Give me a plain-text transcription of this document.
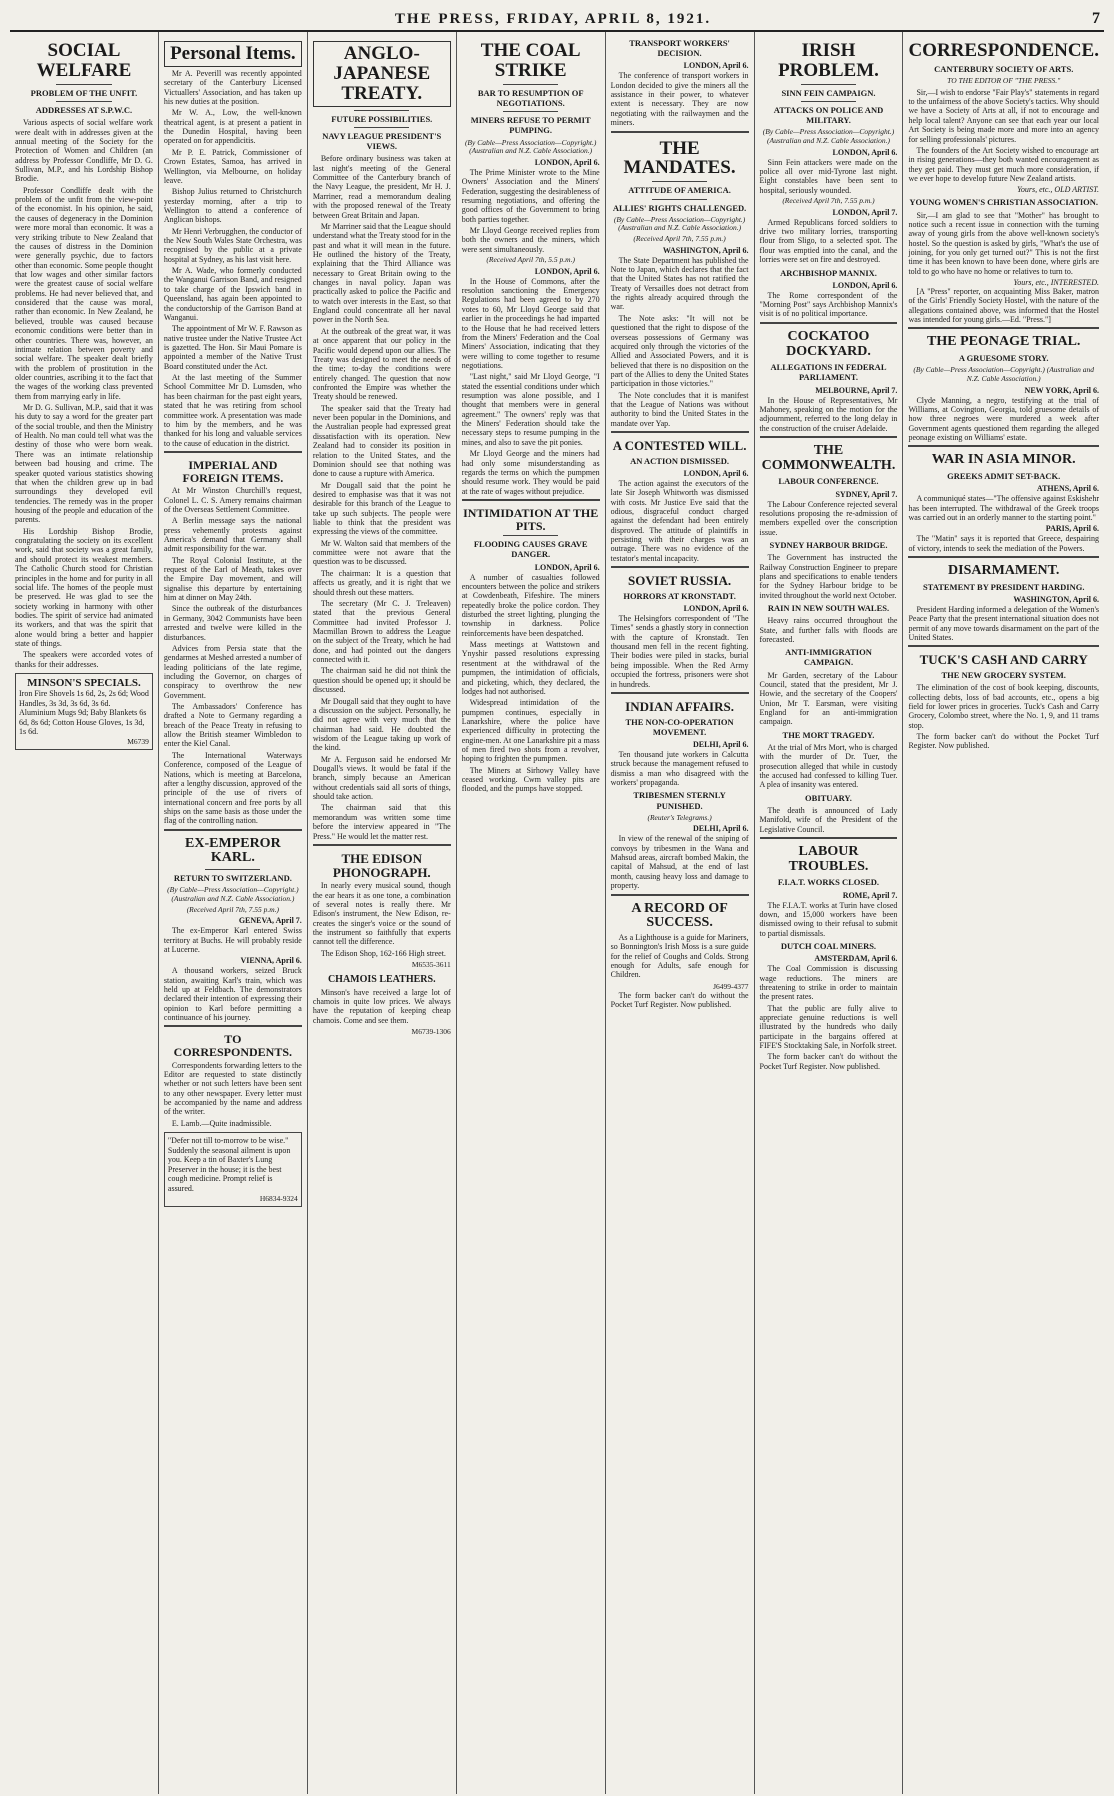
THE PRESS, FRIDAY, APRIL 8, 1921.	7
SOCIAL WELFARE
PROBLEM OF THE UNFIT.
ADDRESSES AT S.P.W.C.

Various aspects of social welfare work were dealt with in addresses given at the annual meeting of the Society for the Protection of Women and Children (an address by Professor Condliffe, Mr D. G. Sullivan, M.P., and his Lordship Bishop Brodie.

Professor Condliffe dealt with the problem of the unfit from the view-point of the economist. In his opinion, he said, the causes of degeneracy in the Dominion were more moral than economic. It was a very striking tribute to New Zealand that the causes of distress in the Dominion were generally psychic, due to factors other than economic. Some people thought that low wages and other similar factors were the greatest cause of social welfare problems. He had never believed that, and considered that the cause was moral, rather than economic. In New Zealand, he believed, trouble was caused because economic conditions were better than in other countries. There was, however, an intimate relation between poverty and social welfare. The speaker dealt briefly with the problem of prostitution in the older countries, ascribing it to the fact that the wages of the working class prevented them from marrying early in life.

Mr D. G. Sullivan, M.P., said that it was his duty to say a word for the greater part of the social trouble, and then the Ministry of Health. No man could tell what was the destiny of those who were born weak. There was an intimate relationship between bad housing and crime. The speaker quoted various statistics showing that when the children grew up in bad surroundings they developed evil tendencies. The remedy was in the proper housing of the people and education of the parents.

His Lordship Bishop Brodie, congratulating the society on its excellent work, said that society was a great family, and should protect its weakest members. The Catholic Church stood for Christian principles in the home and for purity in all social life. The homes of the people must be preserved. He was glad to see the society working in harmony with other bodies. The spirit of service had animated its workers, and that was the spirit that alone would bring a better and happier state of things.

The speakers were accorded votes of thanks for their addresses.

MINSON'S SPECIALS.
Iron Fire Shovels 1s 6d, 2s, 2s 6d; Wood Handles, 3s 3d, 3s 6d, 3s 6d. Aluminium Mugs 9d; Baby Blankets 6s 6d, 8s 6d; Cotton House Gloves, 1s 3d, 1s 6d.
M6739
Personal Items.

Mr A. Peverill was recently appointed secretary of the Canterbury Licensed Victuallers' Association, and has taken up his new duties at the position.

Mr W. A., Low, the well-known theatrical agent, is at present a patient in the Dunedin Hospital, having been operated on for appendicitis.

Mr P. E. Patrick, Commissioner of Crown Estates, Samoa, has arrived in Wellington, via Melbourne, on holiday leave.

Bishop Julius returned to Christchurch yesterday morning, after a trip to Wellington to attend a conference of Anglican bishops.

Mr Henri Verbrugghen, the conductor of the New South Wales State Orchestra, was recognised by the public at a private hospital at Sydney, as his last visit here.

Mr A. Wade, who formerly conducted the Wanganui Garrison Band, and resigned to take charge of the Ipswich band in Queensland, has again been appointed to the conductorship of the Garrison Band at Wanganui.

The appointment of Mr W. F. Rawson as native trustee under the Native Trustee Act is gazetted. The Hon. Sir Maui Pomare is appointed a member of the Native Trust Board constituted under the Act.

At the last meeting of the Summer School Committee Mr D. Lumsden, who has been chairman for the past eight years, stated that he was retiring from school committee work. A presentation was made to him by the members, and he was thanked for his long and valuable services to the cause of education in the district.

IMPERIAL AND FOREIGN ITEMS.

At Mr Winston Churchill's request, Colonel L. C. S. Amery remains chairman of the Overseas Settlement Committee.

A Berlin message says the national press vehemently protests against America's demand that Germany shall admit responsibility for the war.

The Royal Colonial Institute, at the request of the Earl of Meath, takes over the Empire Day movement, and will signalise this departure by entertaining him at dinner on May 24th.

Since the outbreak of the disturbances in Germany, 3042 Communists have been arrested and twelve were killed in the disturbances.

Advices from Persia state that the gendarmes at Meshed arrested a number of leading politicians of the late regime, including the Governor, on charges of conspiracy to overthrow the new Government.

The Ambassadors' Conference has drafted a Note to Germany regarding a breach of the Peace Treaty in refusing to allow the British steamer Wimbledon to enter the Kiel Canal.

The International Waterways Conference, composed of the League of Nations, which is meeting at Barcelona, after a lengthy discussion, approved of the principle of the use of rivers of international concern and free ports by all ships on the same basis as those under the flag of the controlling nation.

EX-EMPEROR KARL.
RETURN TO SWITZERLAND.
(By Cable—Press Association—Copyright.) (Australian and N.Z. Cable Association.)
(Received April 7th, 7.55 p.m.)
GENEVA, April 7.

The ex-Emperor Karl entered Swiss territory at Buchs. He will probably reside at Lucerne.

VIENNA, April 6.

A thousand workers, seized Bruck station, awaiting Karl's train, which was held up at Feldbach. The demonstrators declared their intention of expressing their opinion to Karl before permitting a continuance of his journey.

TO CORRESPONDENTS.

Correspondents forwarding letters to the Editor are requested to state distinctly whether or not such letters have been sent to any other newspaper. Every letter must be accompanied by the name and address of the writer.

E. Lamb.—Quite inadmissible.

"Defer not till to-morrow to be wise." Suddenly the seasonal ailment is upon you. Keep a tin of Baxter's Lung Preserver in the house; it is the best cough medicine. Prompt relief is assured.
H6834-9324
ANGLO-JAPANESE TREATY.
FUTURE POSSIBILITIES.
NAVY LEAGUE PRESIDENT'S VIEWS.

Before ordinary business was taken at last night's meeting of the General Committee of the Canterbury branch of the Navy League, the president, Mr H. J. Marriner, read a memorandum dealing with the proposed renewal of the Treaty between Great Britain and Japan.

Mr Marriner said that the League should understand what the Treaty stood for in the past and what it will mean in the future. He outlined the history of the Treaty, explaining that the Third Alliance was necessary to Great Britain owing to the changes in naval policy. Japan was practically asked to police the Pacific and to watch over interests in the East, so that England could concentrate all her naval power in the North Sea.

At the outbreak of the great war, it was at once apparent that our policy in the Pacific would depend upon our allies. The Treaty was designed to meet the needs of the time; to-day the conditions were entirely changed. The question that now confronted the Empire was whether the Treaty should be renewed.

The speaker said that the Treaty had never been popular in the Dominions, and the Australian people had expressed great dissatisfaction with its operation. New Zealand had to consider its position in relation to the United States, and the Dominion should see that nothing was done to cause a rupture with America.

Mr Dougall said that the point he desired to emphasise was that it was not desirable for this branch of the League to take up such subjects. The people were liable to think that the president was expressing the views of the committee.

Mr W. Walton said that members of the committee were not aware that the question was to be discussed.

The chairman: It is a question that affects us greatly, and it is right that we should thresh out these matters.

The secretary (Mr C. J. Treleaven) stated that the previous General Committee had invited Professor J. Macmillan Brown to address the League on the subject of the Treaty, which he had done, and had pointed out the dangers connected with it.

The chairman said he did not think the question should be opened up; it should be discussed.

Mr Dougall said that they ought to have a discussion on the subject. Personally, he did not agree with very much that the chairman had said. He doubted the wisdom of the League taking up work of the kind.

Mr A. Ferguson said he endorsed Mr Dougall's views. It would be fatal if the branch, simply because an American without credentials said all sorts of things, should take action.

The chairman said that this memorandum was written some time before the interview appeared in "The Press." He would let the matter rest.

THE EDISON PHONOGRAPH.

In nearly every musical sound, though the ear hears it as one tone, a combination of several notes is really there. Mr Edison's instrument, the New Edison, re-creates the singer's voice or the sound of the instrument so faithfully that experts cannot tell the difference.

The Edison Shop, 162-166 High street.

M6535-3611
CHAMOIS LEATHERS.

Minson's have received a large lot of chamois in quite low prices. We always have the reputation of keeping cheap chamois. Come and see them.

M6739-1306
THE COAL STRIKE
BAR TO RESUMPTION OF NEGOTIATIONS.
MINERS REFUSE TO PERMIT PUMPING.
(By Cable—Press Association—Copyright.) (Australian and N.Z. Cable Association.)
LONDON, April 6.

The Prime Minister wrote to the Mine Owners' Association and the Miners' Federation, suggesting the desirableness of resuming negotiations, and offering the good offices of the Government to bring both parties together.

Mr Lloyd George received replies from both the owners and the miners, which were sent simultaneously.

(Received April 7th, 5.5 p.m.)
LONDON, April 6.

In the House of Commons, after the resolution sanctioning the Emergency Regulations had been agreed to by 270 votes to 60, Mr Lloyd George said that earlier in the proceedings he had imparted to the House that he had received letters from the Miners' Federation and the Coal Miners' Association, indicating that they were willing to come together to resume negotiations.

"Last night," said Mr Lloyd George, "I stated the essential conditions under which resumption was alone possible, and I thought that members were in general agreement." The owners' reply was that the Miners' Federation should take the necessary steps to resume pumping in the mines, and also to save the pit ponies.

Mr Lloyd George and the miners had had only some misunderstanding as regards the terms on which the pumpmen should resume work. They would be paid at the rate of wages without prejudice.

INTIMIDATION AT THE PITS.
FLOODING CAUSES GRAVE DANGER.
LONDON, April 6.

A number of casualties followed encounters between the police and strikers at Cowdenbeath, Fifeshire. The miners repeatedly broke the police cordon. They disturbed the street lighting, plunging the township in darkness. Police reinforcements have been despatched.

Mass meetings at Wattstown and Ynyshir passed resolutions expressing resentment at the withdrawal of the pumpmen, the intimidation of officials, and picketing, which, they declared, the lodges had not authorised.

Widespread intimidation of the pumpmen continues, especially in Lanarkshire, where the police have experienced difficulty in protecting the engine-men. At one Lanarkshire pit a mass of men fired two shots from a revolver, hoping to frighten the pumpmen.

The Miners at Sirhowy Valley have ceased working. Cwm valley pits are flooded, and the pumps have stopped.

TRANSPORT WORKERS' DECISION.
LONDON, April 6.

The conference of transport workers in London decided to give the miners all the assistance in their power, to whatever extent is necessary. They are now negotiating with the railwaymen and the miners.

THE MANDATES.
ATTITUDE OF AMERICA.
ALLIES' RIGHTS CHALLENGED.
(By Cable—Press Association—Copyright.) (Australian and N.Z. Cable Association.)
(Received April 7th, 7.55 p.m.)
WASHINGTON, April 6.

The State Department has published the Note to Japan, which declares that the fact that the United States has not ratified the Treaty of Versailles does not detract from the rights already acquired through the war.

The Note asks: "It will not be questioned that the right to dispose of the overseas possessions of Germany was acquired only through the victories of the Allied and Associated Powers, and it is believed that there is no disposition on the part of the Allies to deny the United States participation in those victories."

The Note concludes that it is manifest that the League of Nations was without authority to bind the United States in the mandate over Yap.

A CONTESTED WILL.
AN ACTION DISMISSED.
LONDON, April 6.

The action against the executors of the late Sir Joseph Whitworth was dismissed with costs. Mr Justice Eve said that the odious, disgraceful conduct charged against the defendant had been entirely disproved. The attitude of plaintiffs in persisting with their charges was an outrage. There was no evidence of the testator's mental incapacity.

SOVIET RUSSIA.
HORRORS AT KRONSTADT.
LONDON, April 6.

The Helsingfors correspondent of "The Times" sends a ghastly story in connection with the capture of Kronstadt. Ten thousand men fell in the recent fighting. Their bodies were piled in stacks, burial being impossible. When the Red Army occupied the fortress, prisoners were shot in hundreds.

INDIAN AFFAIRS.
THE NON-CO-OPERATION MOVEMENT.
DELHI, April 6.

Ten thousand jute workers in Calcutta struck because the management refused to dismiss a man who disagreed with the workers' propaganda.

TRIBESMEN STERNLY PUNISHED.
(Reuter's Telegrams.)
DELHI, April 6.

In view of the renewal of the sniping of convoys by tribesmen in the Wana and Mahsud areas, aircraft bombed Makin, the capital of Mahsud, at the end of last month, causing heavy loss and damage to property.

A RECORD OF SUCCESS.

As a Lighthouse is a guide for Mariners, so Bonnington's Irish Moss is a sure guide for the relief of Coughs and Colds. Strong enough for Adults, safe enough for Children.

J6499-4377

The form backer can't do without the Pocket Turf Register. Now published.

IRISH PROBLEM.
SINN FEIN CAMPAIGN.
ATTACKS ON POLICE AND MILITARY.
(By Cable—Press Association—Copyright.) (Australian and N.Z. Cable Association.)
LONDON, April 6.

Sinn Fein attackers were made on the police all over mid-Tyrone last night. Eight constables have been sent to hospital, seriously wounded.

(Received April 7th, 7.55 p.m.)
LONDON, April 7.

Armed Republicans forced soldiers to drive two military lorries, transporting flour from Sligo, to a selected spot. The flour was emptied into the canal, and the lorries were set on fire and destroyed.

ARCHBISHOP MANNIX.
LONDON, April 6.

The Rome correspondent of the "Morning Post" says Archbishop Mannix's visit is of no political importance.

COCKATOO DOCKYARD.
ALLEGATIONS IN FEDERAL PARLIAMENT.
MELBOURNE, April 7.

In the House of Representatives, Mr Mahoney, speaking on the motion for the adjournment, referred to the long delay in the construction of the cruiser Adelaide.

THE COMMONWEALTH.
LABOUR CONFERENCE.
SYDNEY, April 7.

The Labour Conference rejected several resolutions proposing the re-admission of members expelled over the conscription issue.

SYDNEY HARBOUR BRIDGE.

The Government has instructed the Railway Construction Engineer to prepare plans and specifications to enable tenders for the Sydney Harbour bridge to be invited throughout the world next October.

RAIN IN NEW SOUTH WALES.

Heavy rains occurred throughout the State, and further falls with floods are forecasted.

ANTI-IMMIGRATION CAMPAIGN.

Mr Garden, secretary of the Labour Council, stated that the president, Mr J. Howie, and the secretary of the Coopers' Union, Mr T. Earsman, were visiting England for an anti-immigration campaign.

THE MORT TRAGEDY.

At the trial of Mrs Mort, who is charged with the murder of Dr. Tuer, the prosecution alleged that while in custody the accused had confessed to killing Tuer. A plea of insanity was entered.

OBITUARY.

The death is announced of Lady Manifold, wife of the President of the Legislative Council.

LABOUR TROUBLES.
F.I.A.T. WORKS CLOSED.
ROME, April 7.

The F.I.A.T. works at Turin have closed down, and 15,000 workers have been dismissed owing to their refusal to submit to partial dismissals.

DUTCH COAL MINERS.
AMSTERDAM, April 6.

The Coal Commission is discussing wage reductions. The miners are threatening to strike in order to maintain the present rates.

That the public are fully alive to appreciate genuine reductions is well illustrated by the hundreds who daily participate in the bargains offered at FIFE'S Stocktaking Sale, in Norfolk street.

The form backer can't do without the Pocket Turf Register. Now published.

CORRESPONDENCE.
CANTERBURY SOCIETY OF ARTS.
TO THE EDITOR OF "THE PRESS."

Sir,—I wish to endorse "Fair Play's" statements in regard to the unfairness of the above Society's tactics. Why should we have a Society of Arts at all, if not to encourage and help local talent? Anyone can see that each year our local Art Society is being made more and more into an agency for selling professionals' pictures.

The founders of the Art Society wished to encourage art in rising generations—they both wanted encouragement as they get paid. They must get much more consideration, if we ever hope to develop future New Zealand artists.

Yours, etc., OLD ARTIST.
YOUNG WOMEN'S CHRISTIAN ASSOCIATION.

Sir,—I am glad to see that "Mother" has brought to notice such a recent issue in connection with the turning away of young girls from the above well-known society's hostel. So the question is asked by girls, "What's the use of joining, for you only get turned out?" This is not the first time it has been known to have been done, where girls are told to go who have no home or relatives to turn to.

Yours, etc., INTERESTED.

[A "Press" reporter, on acquainting Miss Baker, matron of the Girls' Friendly Society Hostel, with the nature of the allegations contained above, was informed that the Hostel was intended for young girls.—Ed. "Press."]

THE PEONAGE TRIAL.
A GRUESOME STORY.
(By Cable—Press Association—Copyright.) (Australian and N.Z. Cable Association.)
NEW YORK, April 6.

Clyde Manning, a negro, testifying at the trial of Williams, at Covington, Georgia, told gruesome details of how three negroes were murdered a week after Government agents questioned them regarding the alleged peonage existing on Williams' estate.

WAR IN ASIA MINOR.
GREEKS ADMIT SET-BACK.
ATHENS, April 6.

A communiqué states—"The offensive against Eskishehr has been interrupted. The withdrawal of the Greek troops was carried out in an orderly manner to the starting point."

PARIS, April 6.

The "Matin" says it is reported that Greece, despairing of victory, intends to seek the mediation of the Powers.

DISARMAMENT.
STATEMENT BY PRESIDENT HARDING.
WASHINGTON, April 6.

President Harding informed a delegation of the Women's Peace Party that the present international situation does not permit of any move towards disarmament on the part of the United States.

TUCK'S CASH AND CARRY
THE NEW GROCERY SYSTEM.

The elimination of the cost of book keeping, discounts, collecting debts, loss of bad accounts, etc., opens a big field for lower prices in groceries. Tuck's Cash and Carry Grocery, Colombo street, where the No. 1, 9, and 11 trams stop.

The form backer can't do without the Pocket Turf Register. Now published.
